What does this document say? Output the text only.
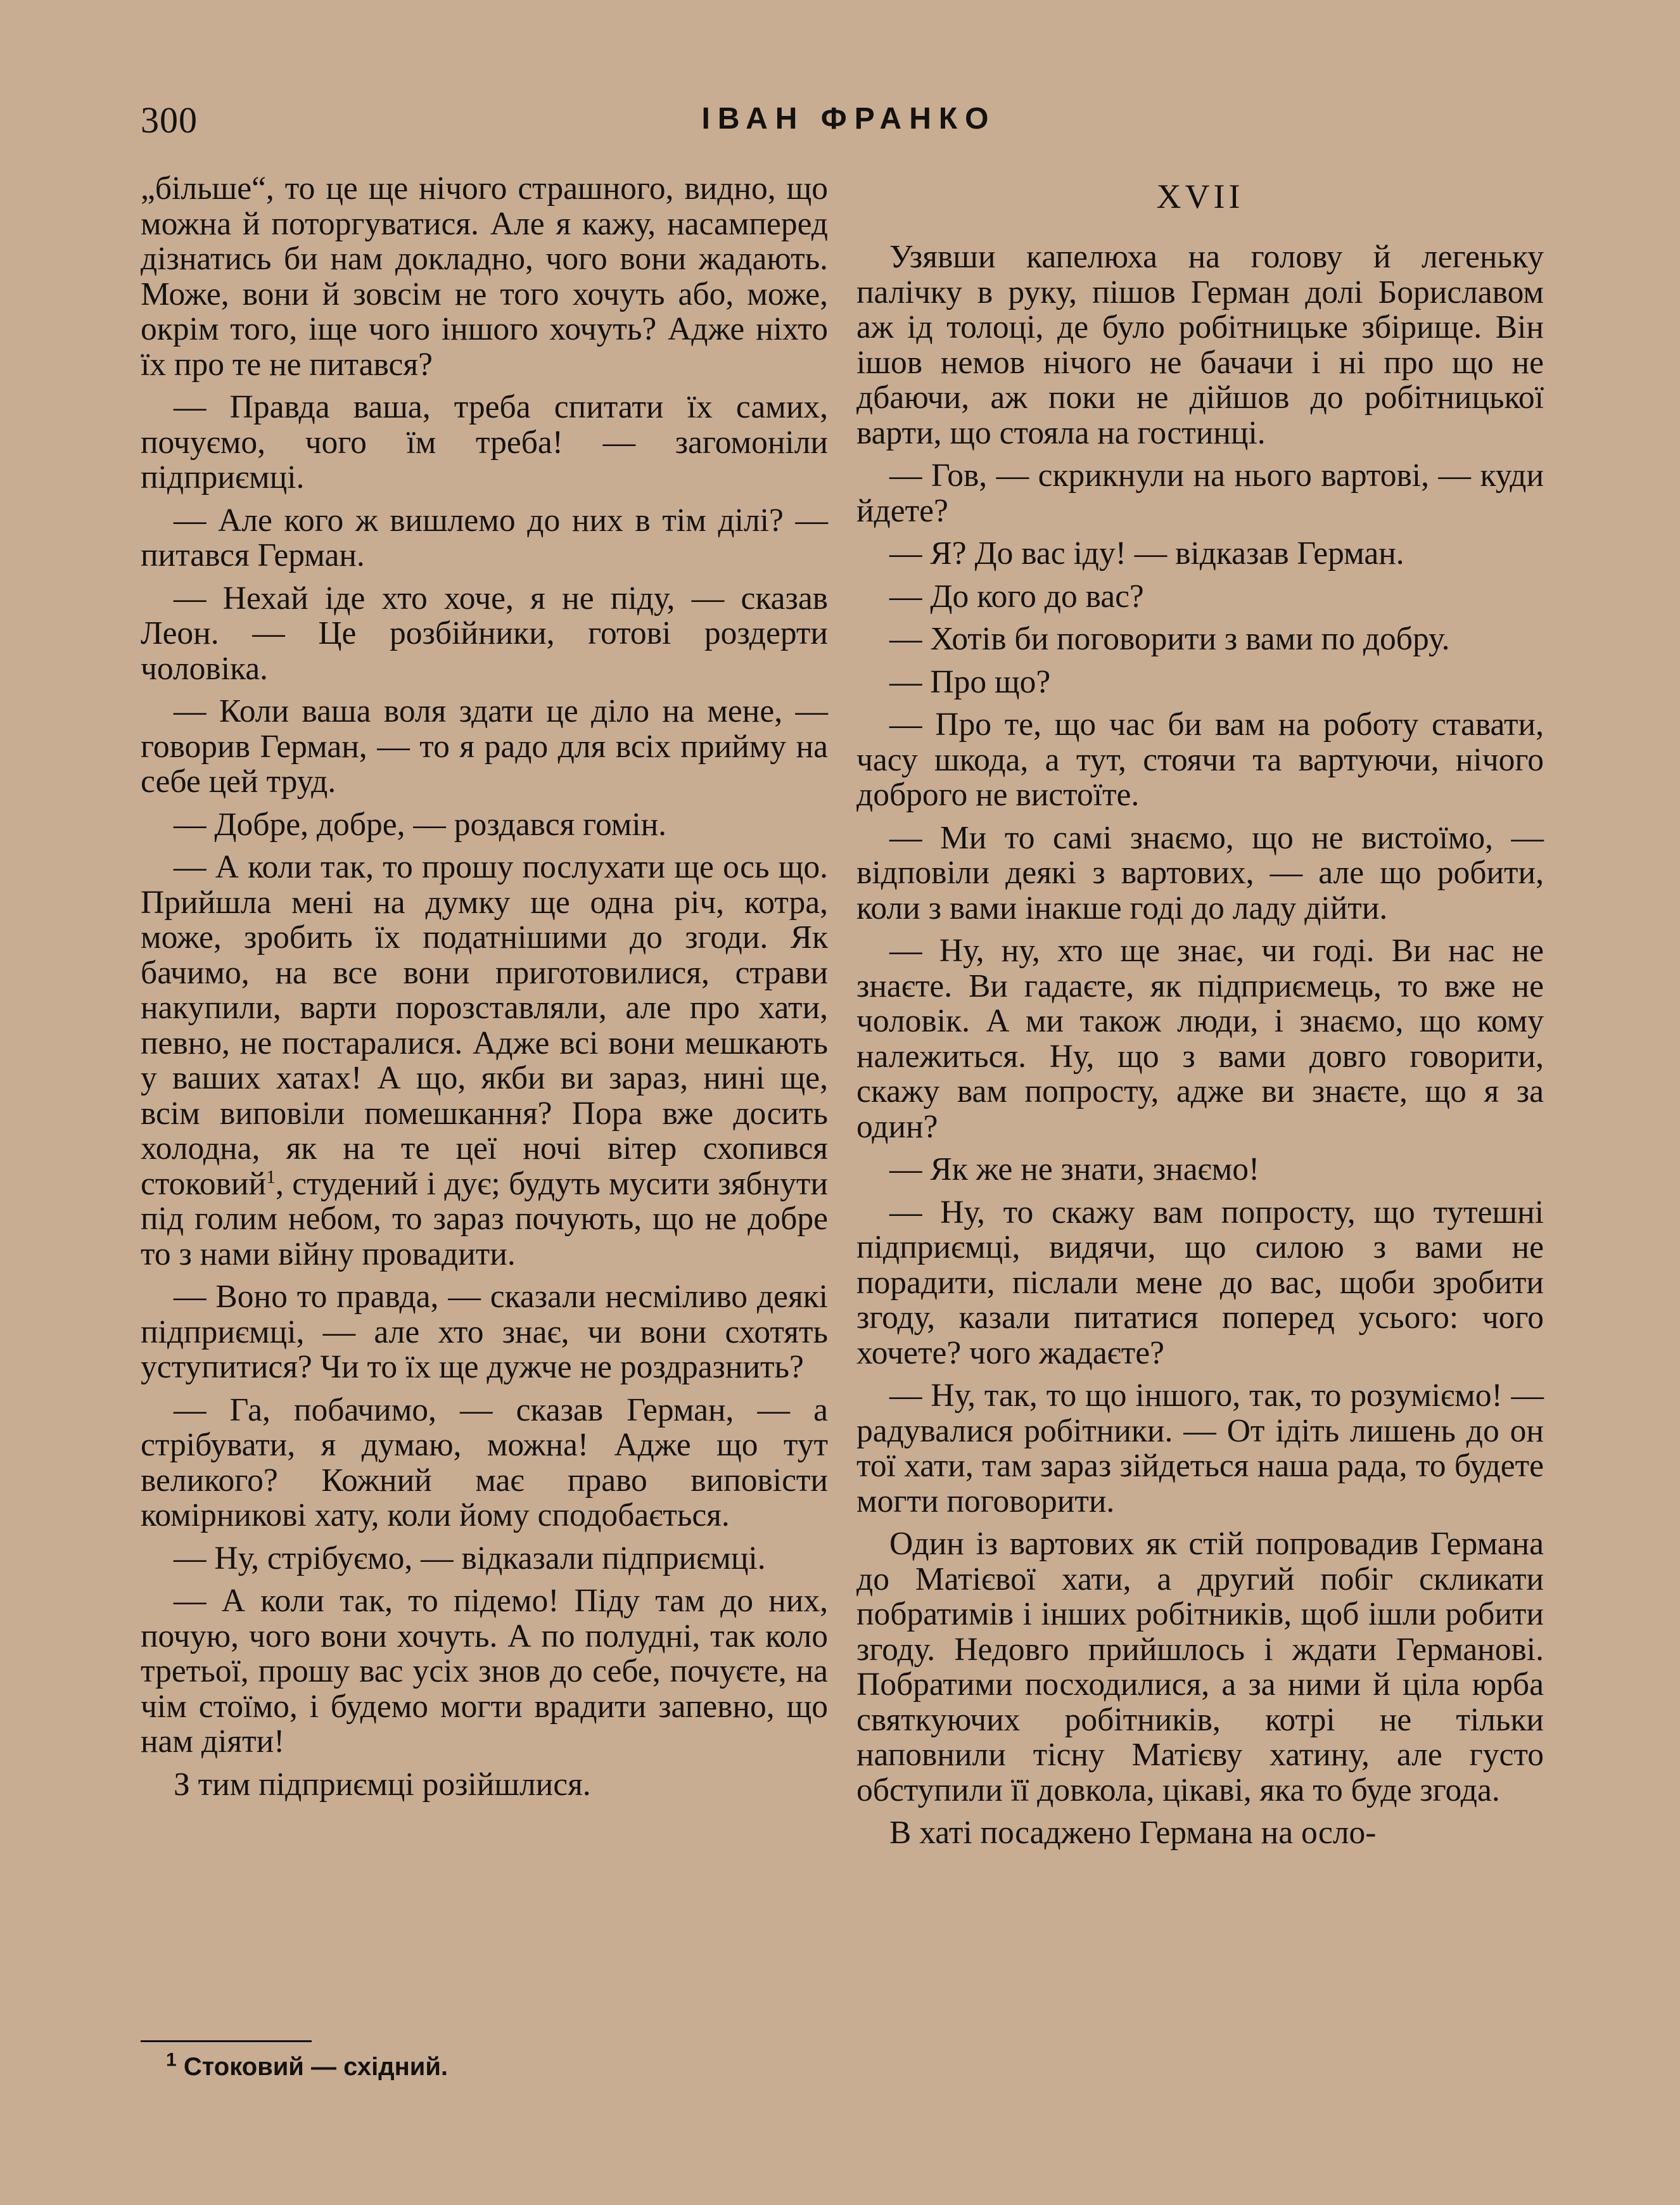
300	ІВАН ФРАНКО

„більше“, то це ще нічого страшного, видно, що можна й поторгуватися. Але я кажу, насамперед дізнатись би нам докладно, чого вони жадають. Може, вони й зовсім не того хочуть або, може, окрім того, іще чого іншого хочуть? Адже ніхто їх про те не питався?

— Правда ваша, треба спитати їх самих, почуємо, чого їм треба! — загомоніли підприємці.

— Але кого ж вишлемо до них в тім ділі? — питався Герман.

— Нехай іде хто хоче, я не піду, — сказав Леон. — Це розбійники, готові роздерти чоловіка.

— Коли ваша воля здати це діло на мене, — говорив Герман, — то я радо для всіх прийму на себе цей труд.

— Добре, добре, — роздався гомін.

— А коли так, то прошу послухати ще ось що. Прийшла мені на думку ще одна річ, котра, може, зробить їх податнішими до згоди. Як бачимо, на все вони приготовилися, страви накупили, варти порозставляли, але про хати, певно, не постаралися. Адже всі вони мешкають у ваших хатах! А що, якби ви зараз, нині ще, всім виповіли помешкання? Пора вже досить холодна, як на те цеї ночі вітер схопився стоковий$^1$, студений і дує; будуть мусити зябнути під голим небом, то зараз почують, що не добре то з нами війну провадити.

— Воно то правда, — сказали несміливо деякі підприємці, — але хто знає, чи вони схотять уступитися? Чи то їх ще дужче не роздразнить?

— Га, побачимо, — сказав Герман, — а стрібувати, я думаю, можна! Адже що тут великого? Кожний має право виповісти комірникові хату, коли йому сподобається.

— Ну, стрібуємо, — відказали підприємці.

— А коли так, то підемо! Піду там до них, почую, чого вони хочуть. А по полудні, так коло третьої, прошу вас усіх знов до себе, почуєте, на чім стоїмо, і будемо могти врадити запевно, що нам діяти!

З тим підприємці розійшлися.

XVII

Узявши капелюха на голову й легеньку палічку в руку, пішов Герман долі Бориславом аж ід толоці, де було робітницьке збірище. Він ішов немов нічого не бачачи і ні про що не дбаючи, аж поки не дійшов до робітницької варти, що стояла на гостинці.

— Гов, — скрикнули на нього вартові, — куди йдете?

— Я? До вас іду! — відказав Герман.

— До кого до вас?

— Хотів би поговорити з вами по добру.

— Про що?

— Про те, що час би вам на роботу ставати, часу шкода, а тут, стоячи та вартуючи, нічого доброго не вистоїте.

— Ми то самі знаємо, що не вистоїмо, — відповіли деякі з вартових, — але що робити, коли з вами інакше годі до ладу дійти.

— Ну, ну, хто ще знає, чи годі. Ви нас не знаєте. Ви гадаєте, як підприємець, то вже не чоловік. А ми також люди, і знаємо, що кому належиться. Ну, що з вами довго говорити, скажу вам попросту, адже ви знаєте, що я за один?

— Як же не знати, знаємо!

— Ну, то скажу вам попросту, що тутешні підприємці, видячи, що силою з вами не порадити, післали мене до вас, щоби зробити згоду, казали питатися поперед усього: чого хочете? чого жадаєте?

— Ну, так, то що іншого, так, то розуміємо! — радувалися робітники. — От ідіть лишень до он тої хати, там зараз зійдеться наша рада, то будете могти поговорити.

Один із вартових як стій попровадив Германа до Матієвої хати, а другий побіг скликати побратимів і інших робітників, щоб ішли робити згоду. Недовго прийшлось і ждати Германові. Побратими посходилися, а за ними й ціла юрба святкуючих робітників, котрі не тільки наповнили тісну Матієву хатину, але густо обступили її довкола, цікаві, яка то буде згода.

В хаті посаджено Германа на осло-

$^1$ Стоковий — східний.
